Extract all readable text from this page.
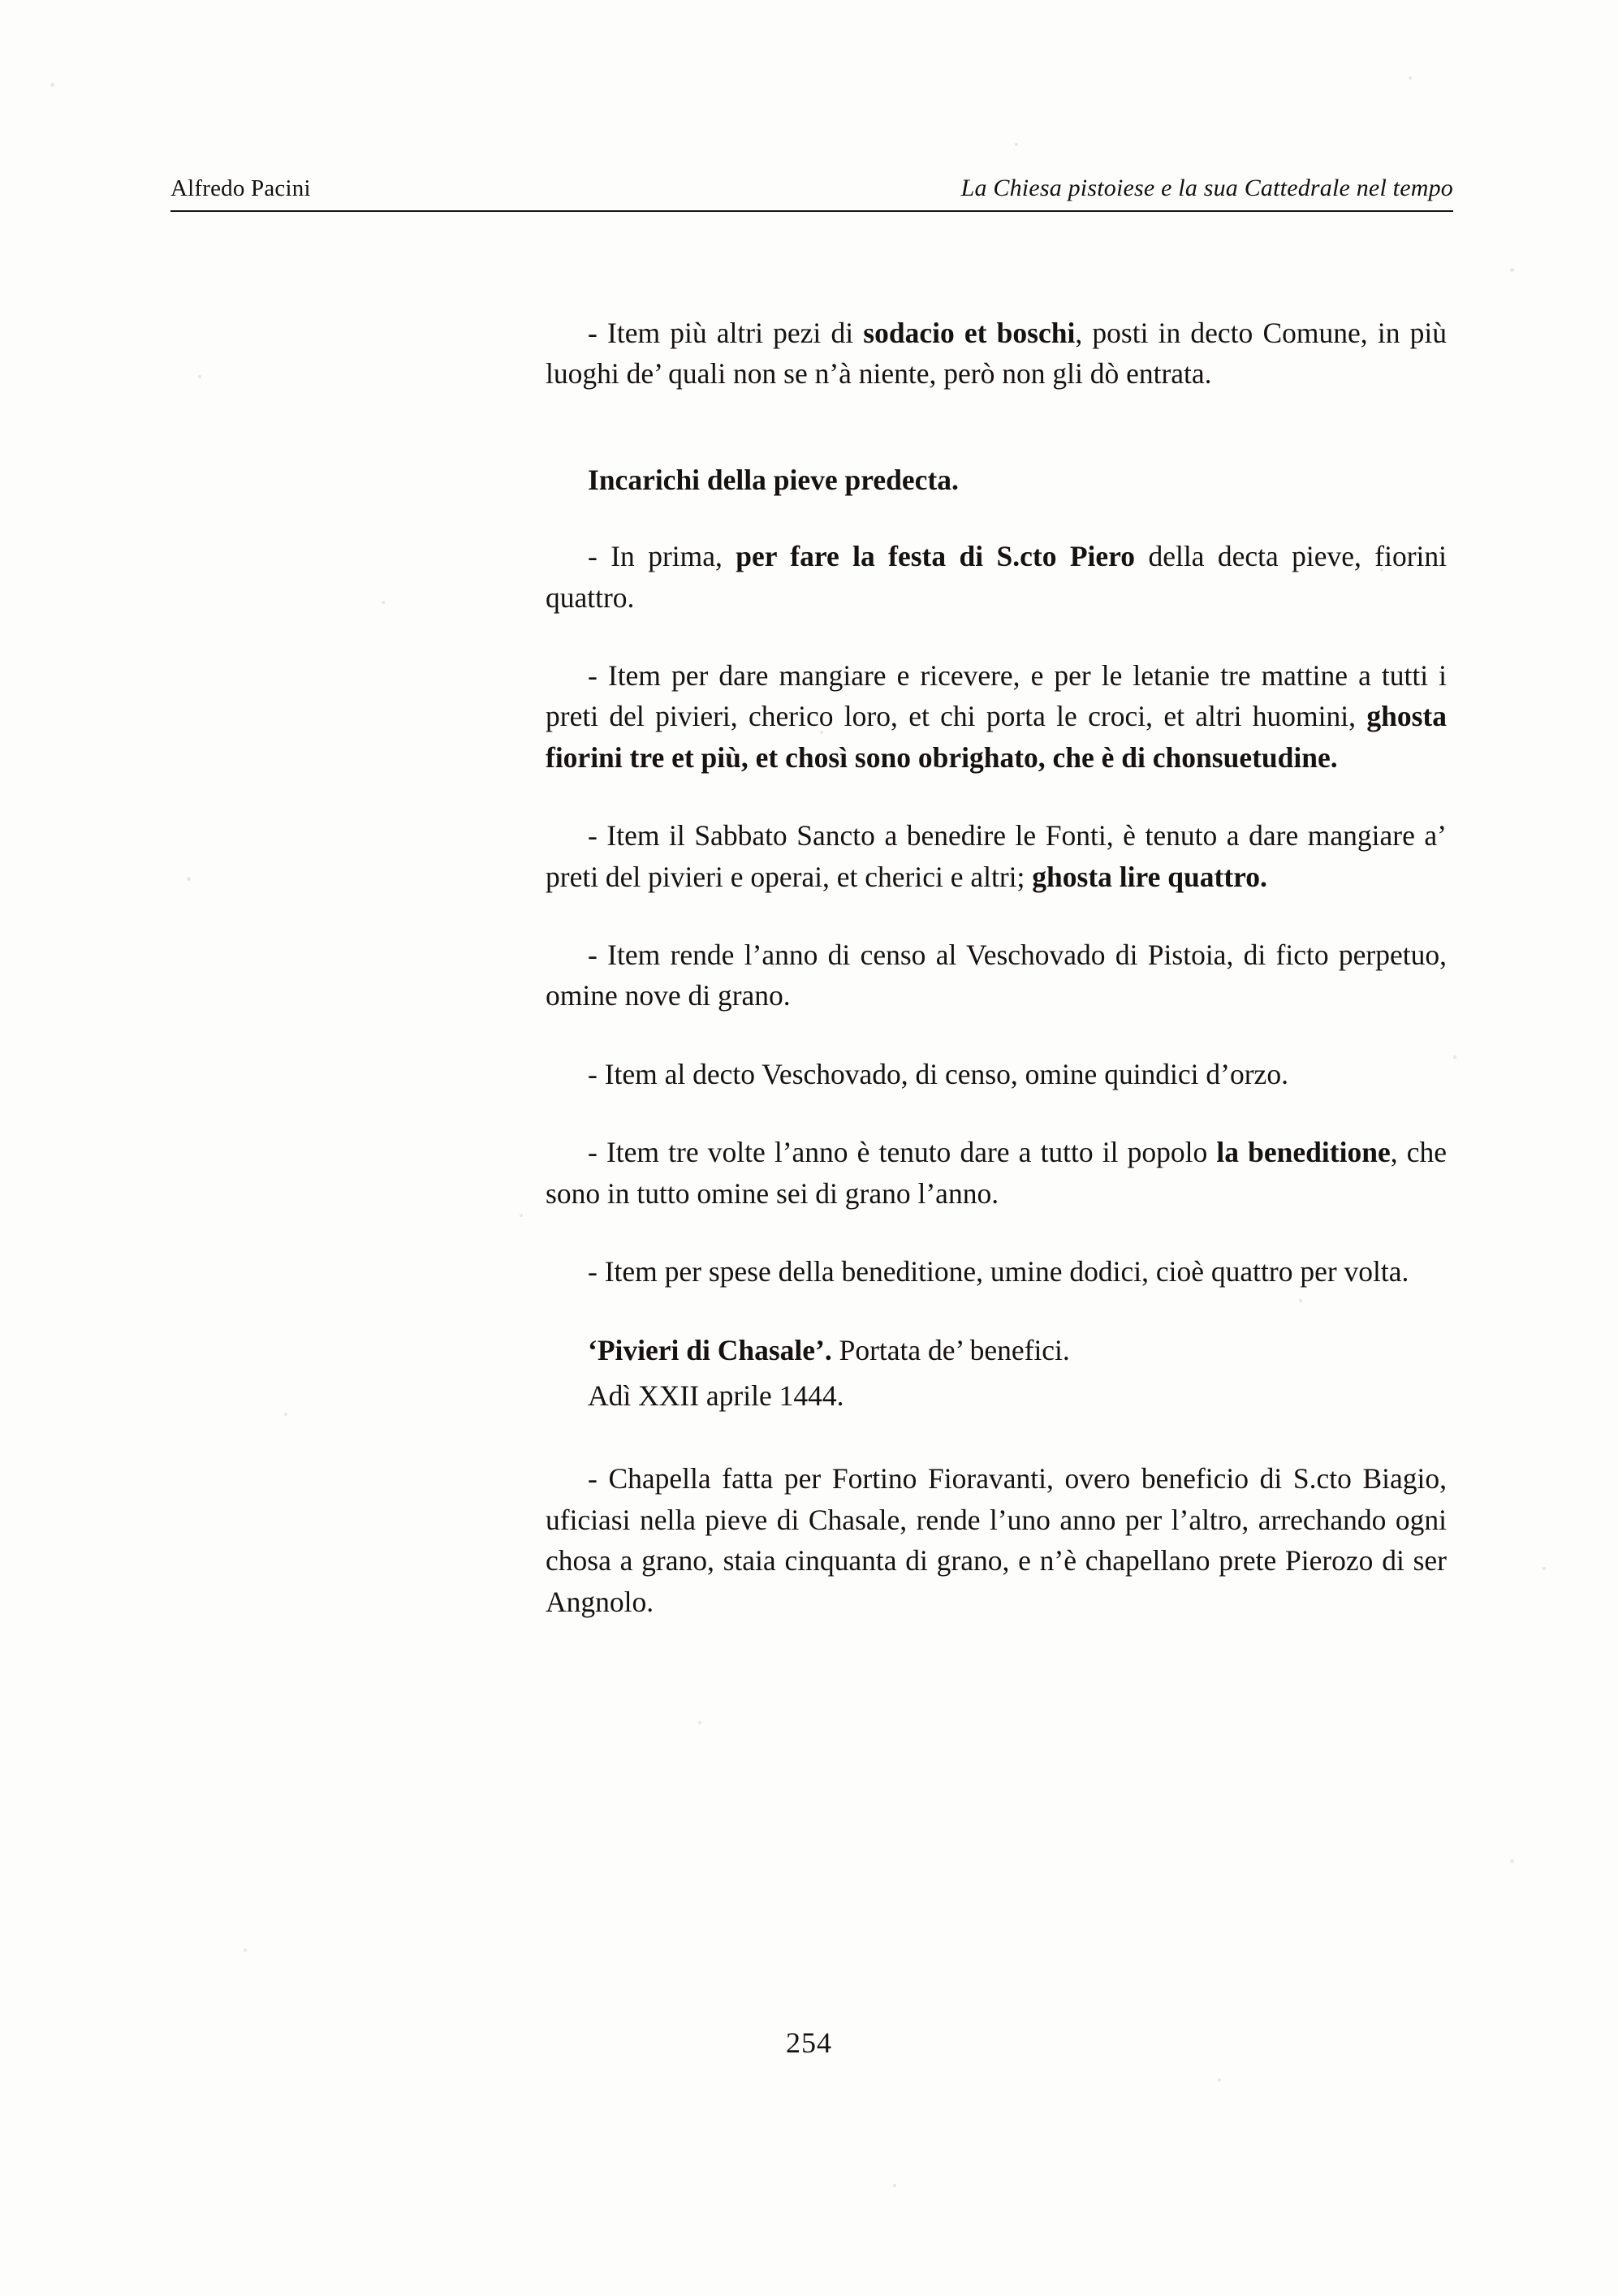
Alfredo Pacini	La Chiesa pistoiese e la sua Cattedrale nel tempo

- Item più altri pezi di sodacio et boschi, posti in decto Comune, in più luoghi de’ quali non se n’à niente, però non gli dò entrata.

Incarichi della pieve predecta.

- In prima, per fare la festa di S.cto Piero della decta pieve, fiorini quattro.

- Item per dare mangiare e ricevere, e per le letanie tre mattine a tutti i preti del pivieri, cherico loro, et chi porta le croci, et altri huomini, ghosta fiorini tre et più, et chosì sono obrighato, che è di chonsuetudine.

- Item il Sabbato Sancto a benedire le Fonti, è tenuto a dare mangiare a’ preti del pivieri e operai, et cherici e altri; ghosta lire quattro.

- Item rende l’anno di censo al Veschovado di Pistoia, di ficto perpetuo, omine nove di grano.

- Item al decto Veschovado, di censo, omine quindici d’orzo.

- Item tre volte l’anno è tenuto dare a tutto il popolo la beneditione, che sono in tutto omine sei di grano l’anno.

- Item per spese della beneditione, umine dodici, cioè quattro per volta.

‘Pivieri di Chasale’. Portata de’ benefici.

Adì XXII aprile 1444.

- Chapella fatta per Fortino Fioravanti, overo beneficio di S.cto Biagio, uficiasi nella pieve di Chasale, rende l’uno anno per l’altro, arrechando ogni chosa a grano, staia cinquanta di grano, e n’è chapellano prete Pierozo di ser Angnolo.

254
